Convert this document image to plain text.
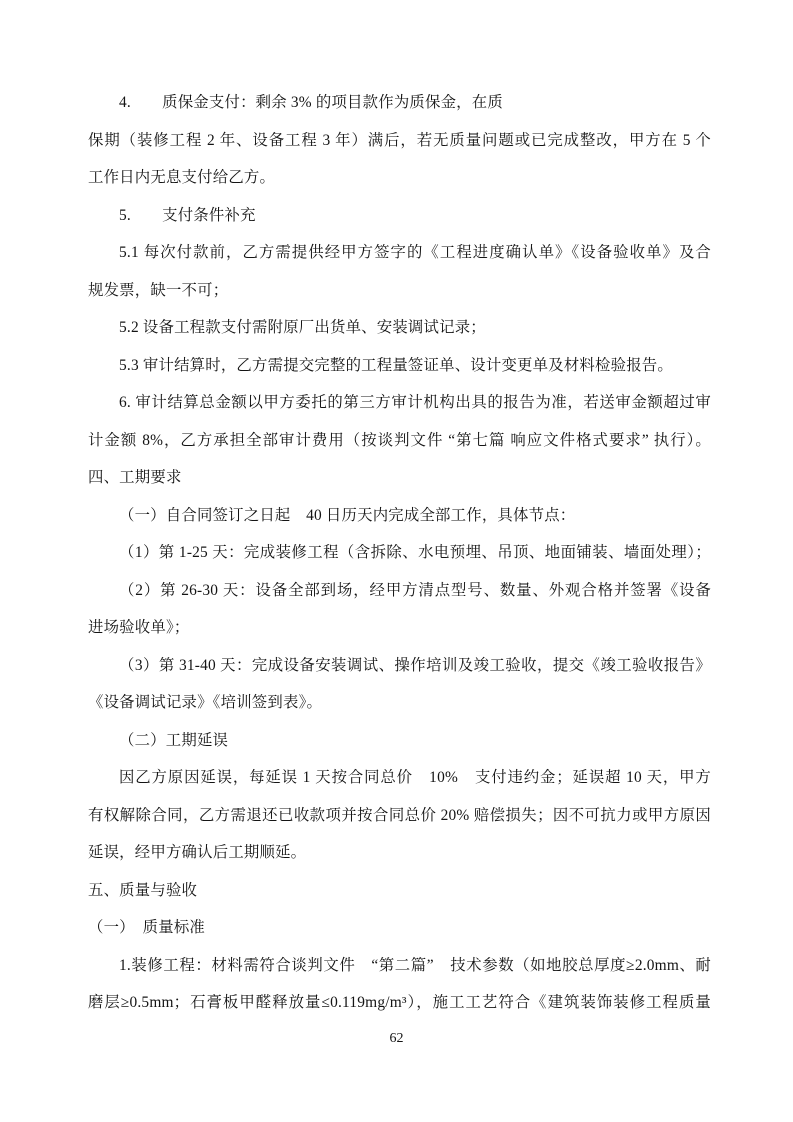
4.　　质保金支付：剩余 3% 的项目款作为质保金，在质
保期（装修工程 2 年、设备工程 3 年）满后，若无质量问题或已完成整改，甲方在 5 个
工作日内无息支付给乙方。
5.　　支付条件补充
5.1 每次付款前，乙方需提供经甲方签字的《工程进度确认单》《设备验收单》及合
规发票，缺一不可；
5.2 设备工程款支付需附原厂出货单、安装调试记录；
5.3 审计结算时，乙方需提交完整的工程量签证单、设计变更单及材料检验报告。
6. 审计结算总金额以甲方委托的第三方审计机构出具的报告为准，若送审金额超过审
计金额 8%，乙方承担全部审计费用（按谈判文件 “第七篇 响应文件格式要求” 执行）。
四、工期要求
（一）自合同签订之日起　40 日历天内完成全部工作，具体节点：
（1）第 1-25 天：完成装修工程（含拆除、水电预埋、吊顶、地面铺装、墙面处理）；
（2）第 26-30 天：设备全部到场，经甲方清点型号、数量、外观合格并签署《设备
进场验收单》；
（3）第 31-40 天：完成设备安装调试、操作培训及竣工验收，提交《竣工验收报告》
《设备调试记录》《培训签到表》。
（二）工期延误
因乙方原因延误，每延误 1 天按合同总价　10%　支付违约金；延误超 10 天，甲方
有权解除合同，乙方需退还已收款项并按合同总价 20% 赔偿损失；因不可抗力或甲方原因
延误，经甲方确认后工期顺延。
五、质量与验收
（一）　质量标准
1.装修工程：材料需符合谈判文件　“第二篇”　技术参数（如地胶总厚度≥2.0mm、耐
磨层≥0.5mm；石膏板甲醛释放量≤0.119mg/m³），施工工艺符合《建筑装饰装修工程质量
62
